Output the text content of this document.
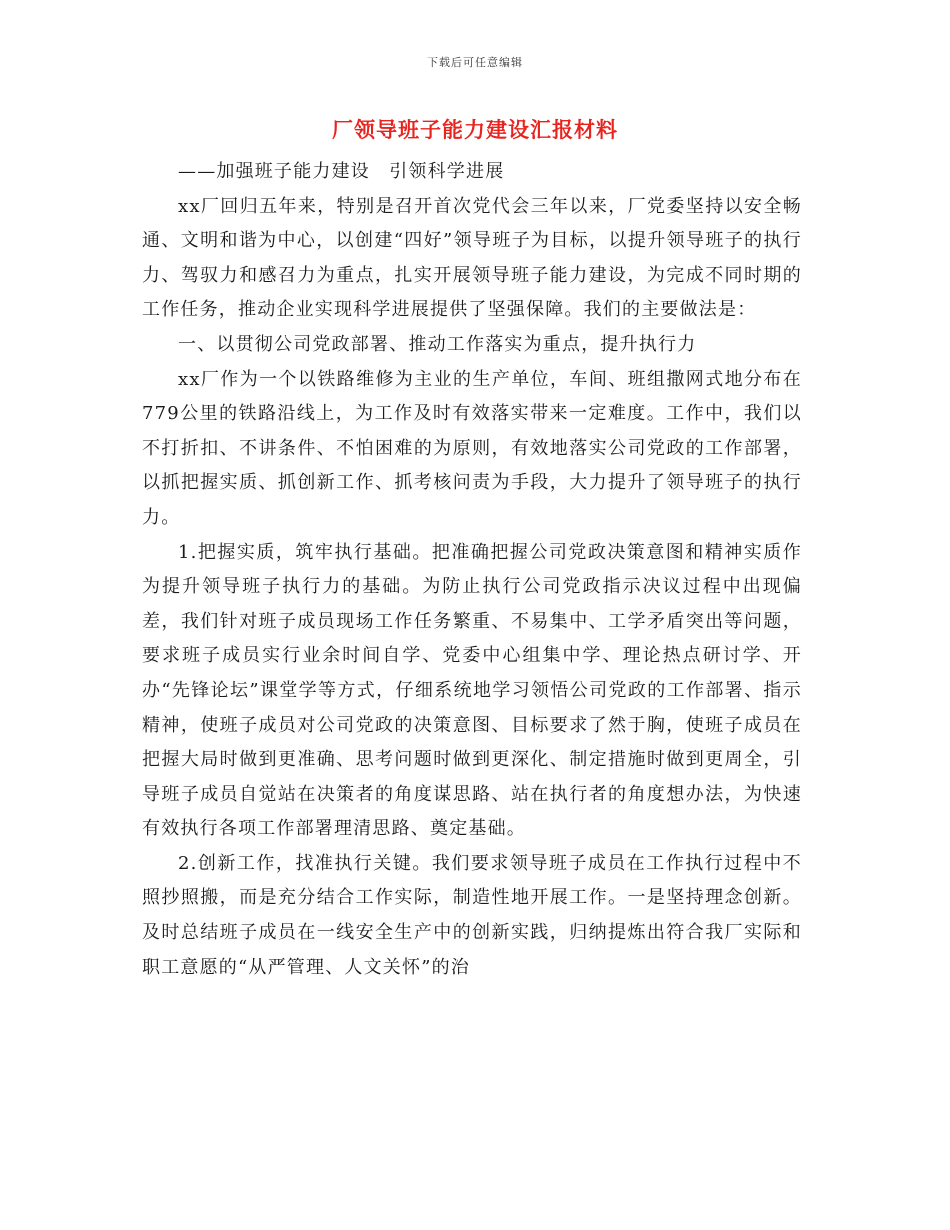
下载后可任意编辑
厂领导班子能力建设汇报材料

——加强班子能力建设　引领科学进展

xx厂回归五年来，特别是召开首次党代会三年以来，厂党委坚持以安全畅通、文明和谐为中心，以创建“四好”领导班子为目标，以提升领导班子的执行力、驾驭力和感召力为重点，扎实开展领导班子能力建设，为完成不同时期的工作任务，推动企业实现科学进展提供了坚强保障。我们的主要做法是：

一、以贯彻公司党政部署、推动工作落实为重点，提升执行力

xx厂作为一个以铁路维修为主业的生产单位，车间、班组撒网式地分布在779公里的铁路沿线上，为工作及时有效落实带来一定难度。工作中，我们以不打折扣、不讲条件、不怕困难的为原则，有效地落实公司党政的工作部署，以抓把握实质、抓创新工作、抓考核问责为手段，大力提升了领导班子的执行力。

1.把握实质，筑牢执行基础。把准确把握公司党政决策意图和精神实质作为提升领导班子执行力的基础。为防止执行公司党政指示决议过程中出现偏差，我们针对班子成员现场工作任务繁重、不易集中、工学矛盾突出等问题，要求班子成员实行业余时间自学、党委中心组集中学、理论热点研讨学、开办“先锋论坛”课堂学等方式，仔细系统地学习领悟公司党政的工作部署、指示精神，使班子成员对公司党政的决策意图、目标要求了然于胸，使班子成员在把握大局时做到更准确、思考问题时做到更深化、制定措施时做到更周全，引导班子成员自觉站在决策者的角度谋思路、站在执行者的角度想办法，为快速有效执行各项工作部署理清思路、奠定基础。

2.创新工作，找准执行关键。我们要求领导班子成员在工作执行过程中不照抄照搬，而是充分结合工作实际，制造性地开展工作。一是坚持理念创新。及时总结班子成员在一线安全生产中的创新实践，归纳提炼出符合我厂实际和职工意愿的“从严管理、人文关怀”的治
